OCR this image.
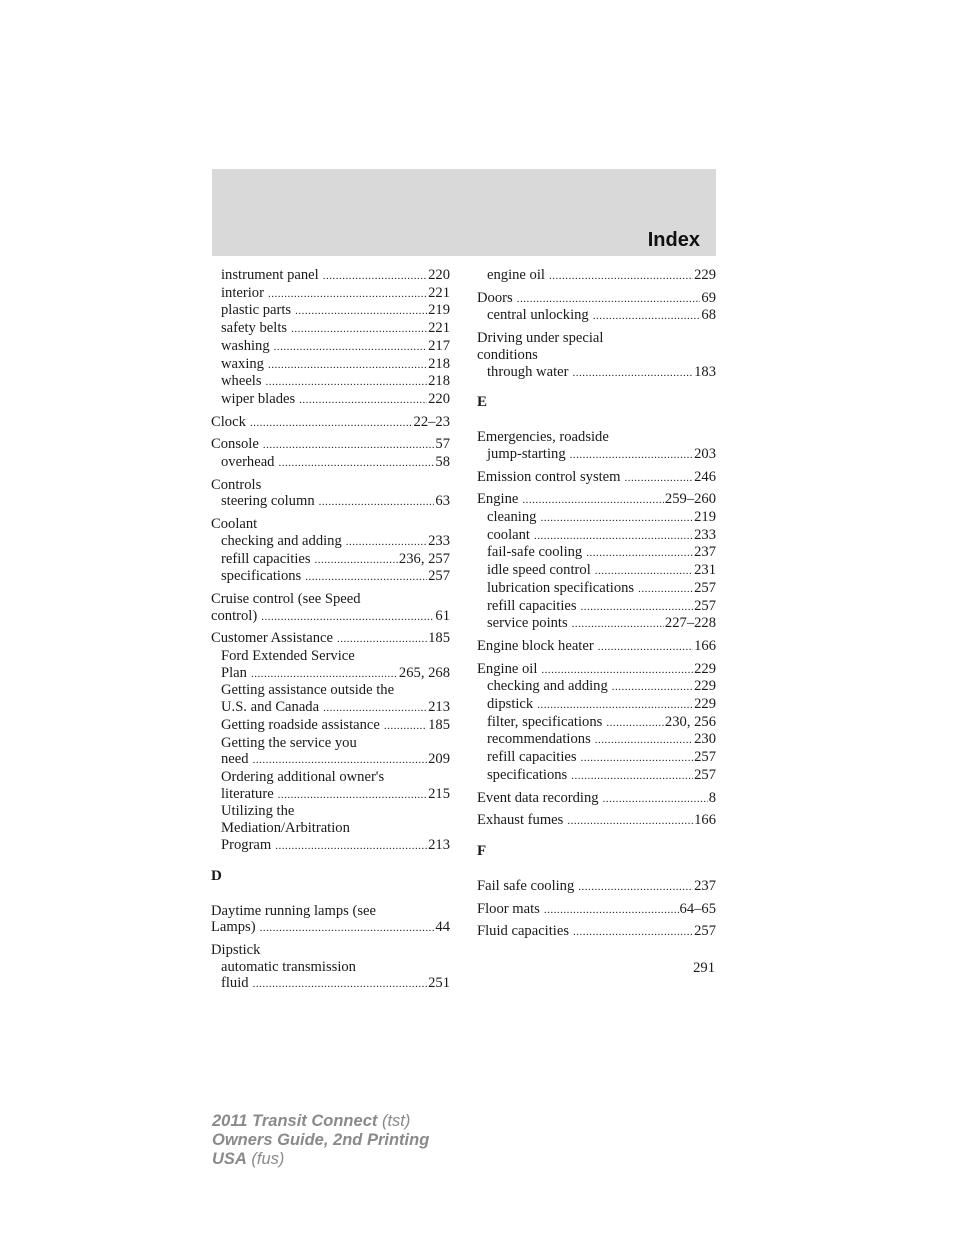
Index
instrument panel .....	220
interior .....	221
plastic parts .....	219
safety belts .....	221
washing .....	217
waxing .....	218
wheels .....	218
wiper blades .....	220
Clock .....	22–23
Console .....	57
overhead .....	58
Controls
steering column .....	63
Coolant
checking and adding .....	233
refill capacities .....	236, 257
specifications .....	257
Cruise control (see Speed
control) .....	61
Customer Assistance .....	185
Ford Extended Service
Plan .....	265, 268
Getting assistance outside the
U.S. and Canada .....	213
Getting roadside assistance .....	185
Getting the service you
need .....	209
Ordering additional owner's
literature .....	215
Utilizing the
Mediation/Arbitration
Program .....	213
D
Daytime running lamps (see
Lamps) .....	44
Dipstick
automatic transmission
fluid .....	251
engine oil .....	229
Doors .....	69
central unlocking .....	68
Driving under special
conditions
through water .....	183
E
Emergencies, roadside
jump-starting .....	203
Emission control system .....	246
Engine .....	259–260
cleaning .....	219
coolant .....	233
fail-safe cooling .....	237
idle speed control .....	231
lubrication specifications .....	257
refill capacities .....	257
service points .....	227–228
Engine block heater .....	166
Engine oil .....	229
checking and adding .....	229
dipstick .....	229
filter, specifications .....	230, 256
recommendations .....	230
refill capacities .....	257
specifications .....	257
Event data recording .....	8
Exhaust fumes .....	166
F
Fail safe cooling .....	237
Floor mats .....	64–65
Fluid capacities .....	257
291
2011 Transit Connect (tst)
Owners Guide, 2nd Printing
USA (fus)
